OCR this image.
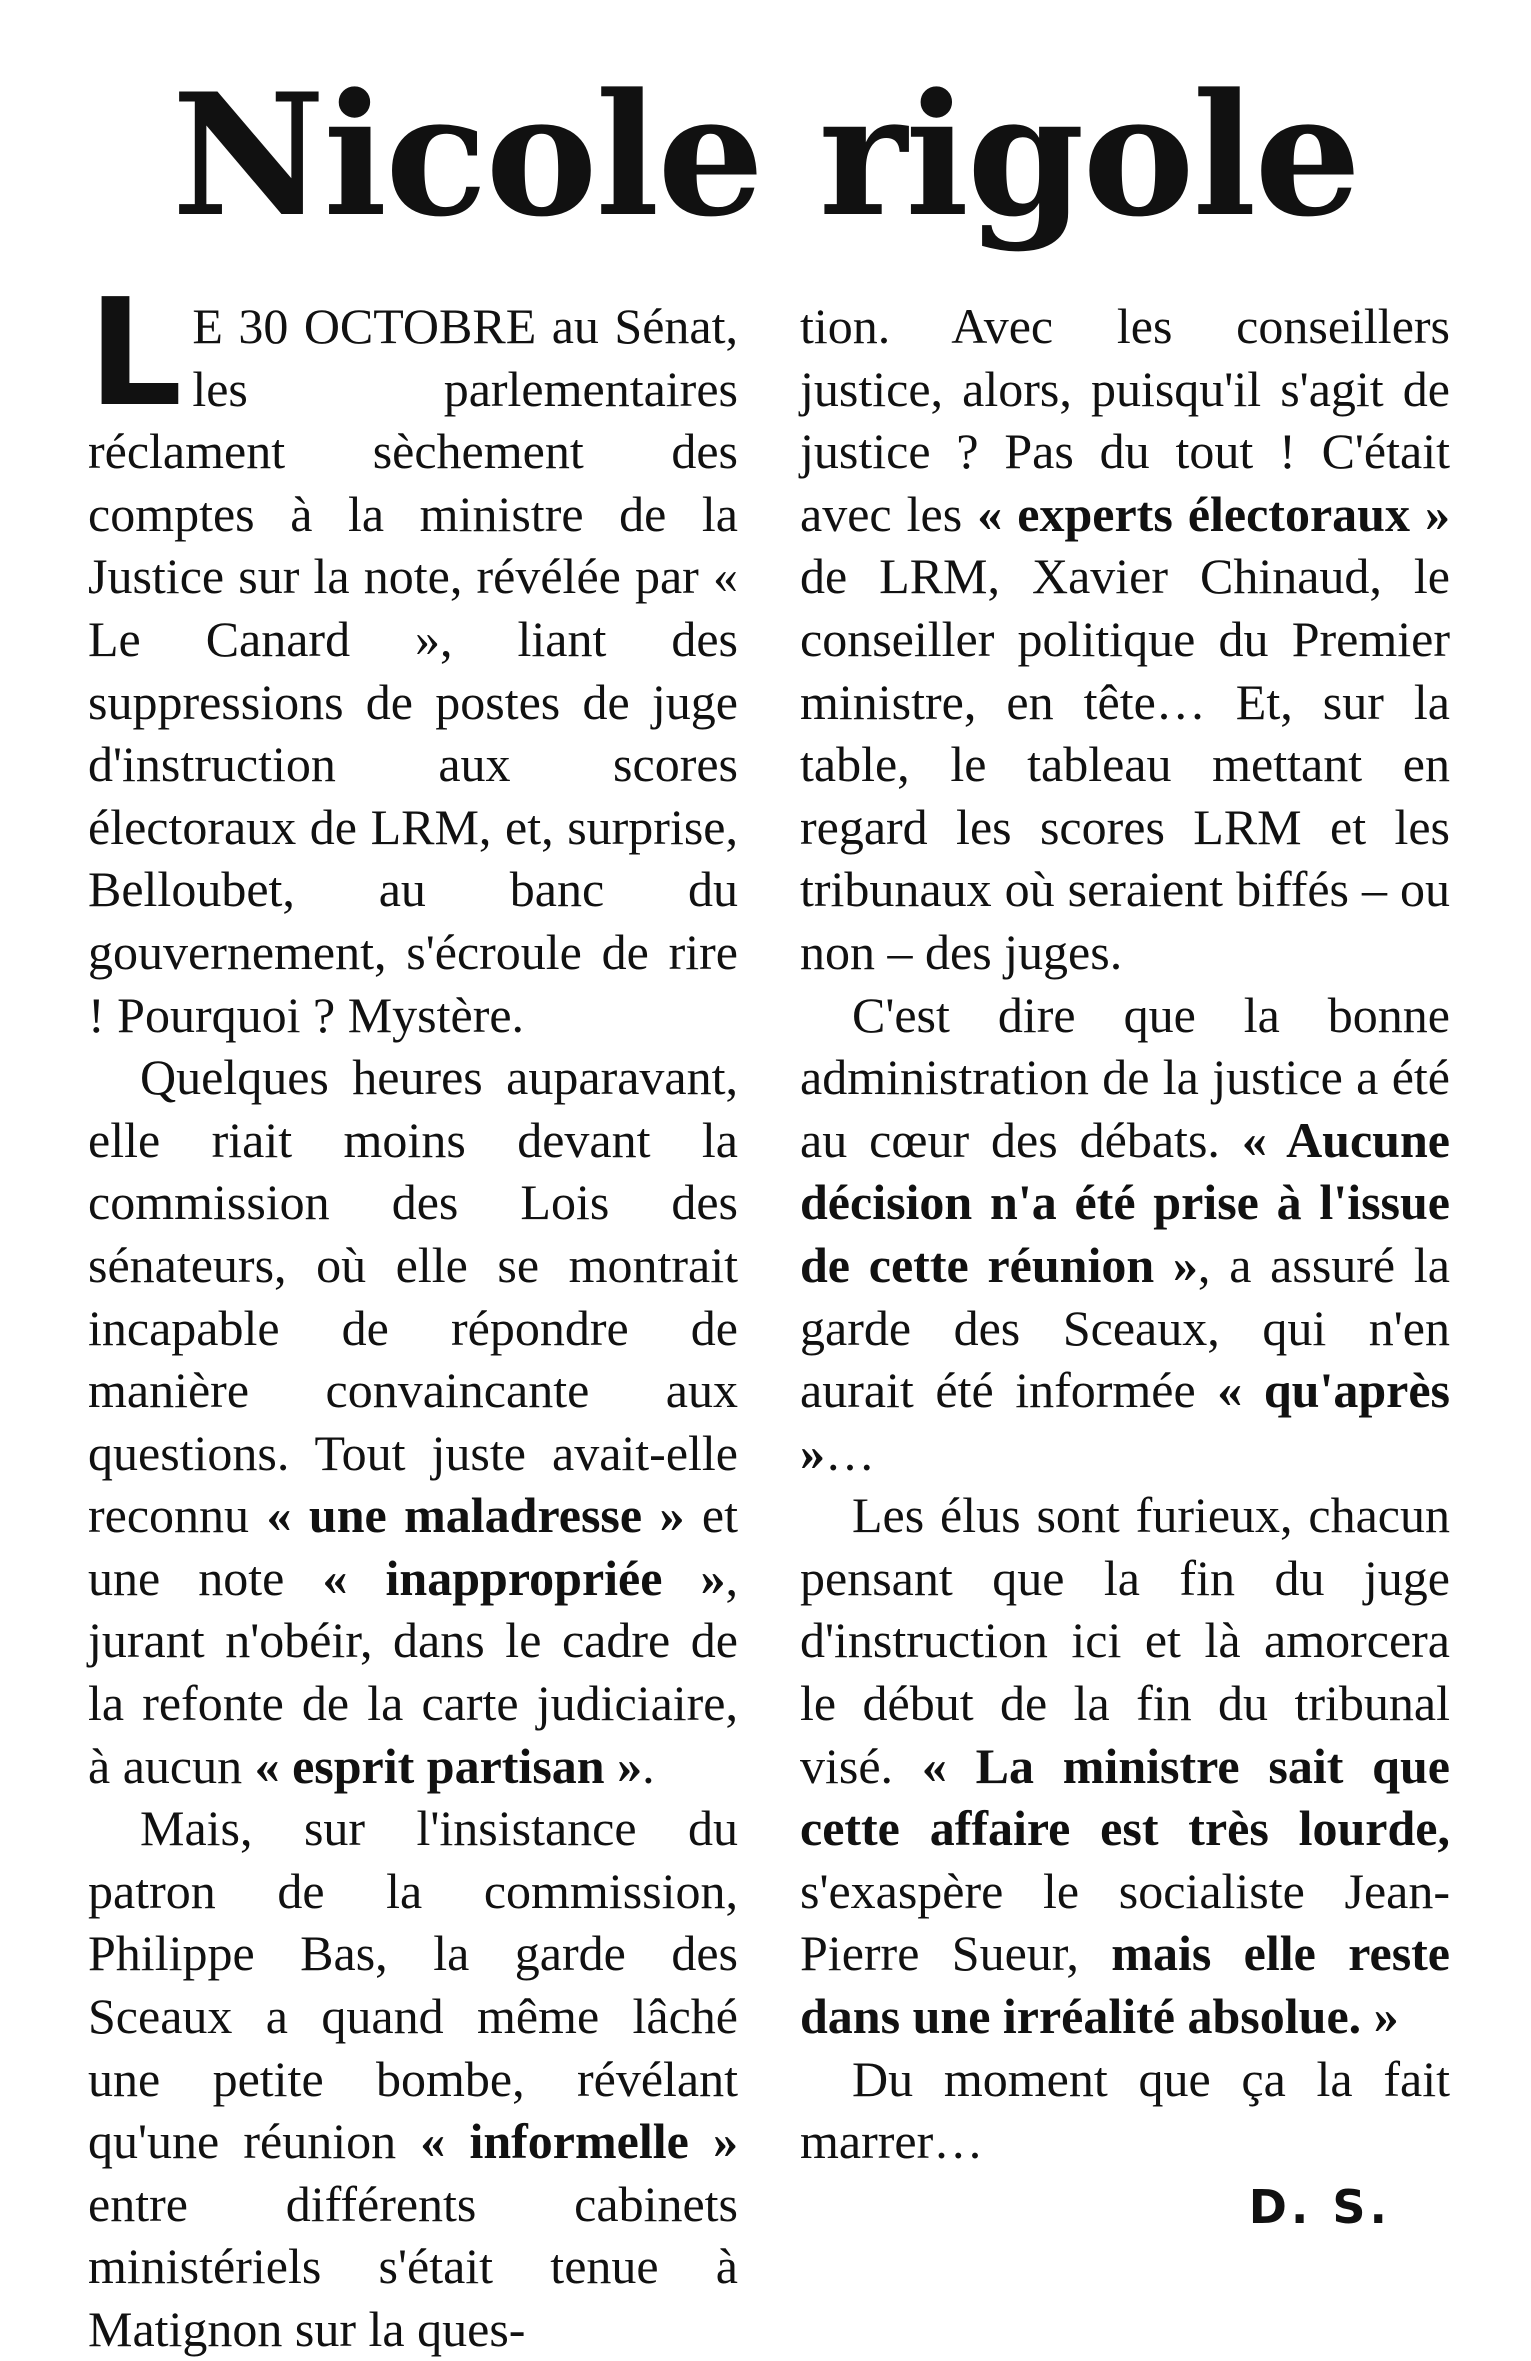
Nicole rigole

L E 30 OCTOBRE au Sénat, les parlementaires réclament sèchement des comptes à la ministre de la Justice sur la note, révélée par « Le Canard », liant des suppressions de postes de juge d'instruction aux scores électoraux de LRM, et, surprise, Belloubet, au banc du gouvernement, s'écroule de rire ! Pourquoi ? Mystère.

Quelques heures auparavant, elle riait moins devant la commission des Lois des sénateurs, où elle se montrait incapable de répondre de manière convaincante aux questions. Tout juste avait-elle reconnu « une maladresse » et une note « inappropriée », jurant n'obéir, dans le cadre de la refonte de la carte judiciaire, à aucun « esprit partisan ».

Mais, sur l'insistance du patron de la commission, Philippe Bas, la garde des Sceaux a quand même lâché une petite bombe, révélant qu'une réunion « informelle » entre différents cabinets ministériels s'était tenue à Matignon sur la ques-

tion. Avec les conseillers justice, alors, puisqu'il s'agit de justice ? Pas du tout ! C'était avec les « experts électoraux » de LRM, Xavier Chinaud, le conseiller politique du Premier ministre, en tête… Et, sur la table, le tableau mettant en regard les scores LRM et les tribunaux où seraient biffés – ou non – des juges.

C'est dire que la bonne administration de la justice a été au cœur des débats. « Aucune décision n'a été prise à l'issue de cette réunion », a assuré la garde des Sceaux, qui n'en aurait été informée « qu'après »…

Les élus sont furieux, chacun pensant que la fin du juge d'instruction ici et là amorcera le début de la fin du tribunal visé. « La ministre sait que cette affaire est très lourde, s'exaspère le socialiste Jean-Pierre Sueur, mais elle reste dans une irréalité absolue. »

Du moment que ça la fait marrer…

D. S.
